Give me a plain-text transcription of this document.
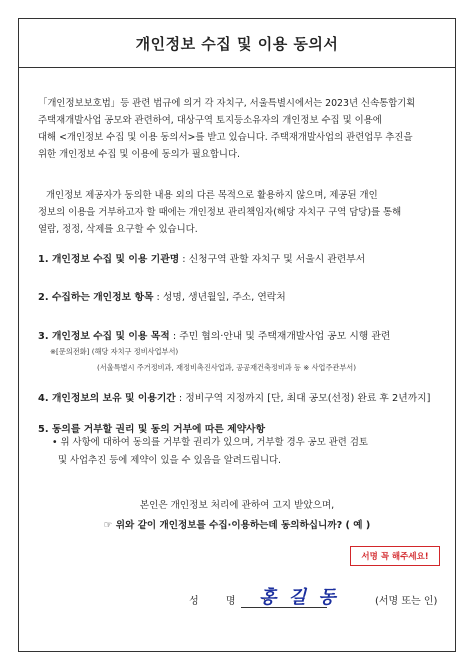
개인정보 수집 및 이용 동의서
「개인정보보호법」등 관련 법규에 의거 각 자치구, 서울특별시에서는 2023년 신속통합기획
주택재개발사업 공모와 관련하여, 대상구역 토지등소유자의 개인정보 수집 및 이용에
대해 <개인정보 수집 및 이용 동의서>를 받고 있습니다. 주택재개발사업의 관련업무 추진을
위한 개인정보 수집 및 이용에 동의가 필요합니다.
개인정보 제공자가 동의한 내용 외의 다른 목적으로 활용하지 않으며, 제공된 개인
정보의 이용을 거부하고자 할 때에는 개인정보 관리책임자(해당 자치구 구역 담당)를 통해
열람, 정정, 삭제를 요구할 수 있습니다.
1. 개인정보 수집 및 이용 기관명 : 신청구역 관할 자치구 및 서울시 관련부서
2. 수집하는 개인정보 항목 : 성명, 생년월일, 주소, 연락처
3. 개인정보 수집 및 이용 목적 : 주민 협의·안내 및 주택재개발사업 공모 시행 관련
※[문의전화] (해당 자치구 정비사업부서)
(서울특별시 주거정비과, 재정비촉진사업과, 공공재건축정비과 등 ※ 사업주관부서)
4. 개인정보의 보유 및 이용기간 : 정비구역 지정까지 [단, 최대 공모(선정) 완료 후 2년까지]
5. 동의를 거부할 권리 및 동의 거부에 따른 제약사항
• 위 사항에 대하여 동의를 거부할 권리가 있으며, 거부할 경우 공모 관련 검토
및 사업추진 등에 제약이 있을 수 있음을 알려드립니다.
본인은 개인정보 처리에 관하여 고지 받았으며,
☞ 위와 같이 개인정보를 수집·이용하는데 동의하십니까? ( 예 )
서명 꼭 해주세요!
성 명 :
홍 길 동	(서명 또는 인)
